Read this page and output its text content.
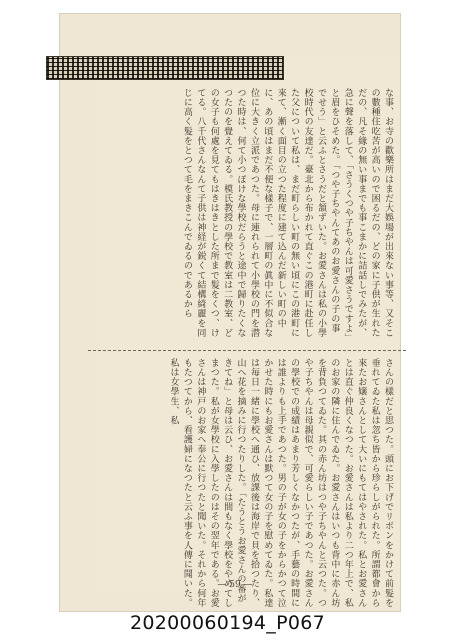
な事、お寺の歡樂所はまだ大娛場が出來ない事等、又そこの數種住吃苦が高いので困るだの、どの家に子供が生れただの、凡そ緣の無い事までも事こまかに詰話しでみたが、急に聲を落して、「さうくつや子ちやんは可愛さうですよ」と眉をひそめた。「つや子ちやんてあのお愛さんの子の事でせう」と云ふとさうだと頷ずいた。お愛さんは私の小學校時代の友達だ。臺北から布かれて直ぐこの港町に赴任した父について私は、まだ町らしい町の無い頃にこの港町に來て、漸く面目の立つた程度に建て込んだ新しい町の中に、あの頃はまだ不便な樣子で、一層町の眞中に不似合な位に大きく立派であつた。母に連れられて小學校の門を潜つた時は、何て小つぽけな學校だらうと途中で歸りたくなつたのを覺えてゐる。模氏教授の學校で教室は二教室、どの女子も何處を見てもはきはきとした所まで髮をくつ、けてる。八千代さんなんて子供は神経が鋭くて結構綺麗を同じに高く髮をとつて毛をまきこんでゐるのであるから
さんの樣だと思つた。頭にお下げでリボンをかけて前髮を垂れてゐた私は忽ち皆から珍らしがられた。所謂都會から來たお嬢さんとして大いにもてはやされた。私とお愛さんとは直ぐ仲良くなつた。お愛さんは私より二つ年上で、私のお家の隣に住んでゐた。お愛さんはいつも背中に赤ん坊を背負つてゐた。其の赤ん坊はつや子ちやんと云つた。つや子ちやんは母親似で、可愛らしい子であつた。お愛さんの學校での成績はあまり芳しくなかつたが、手藝の時間には誰よりも上手であつた。男の子が女の子をからかつて泣かせた時にもお愛さんは默つて女の子を慰めてゐた。私達は毎日一緒に學校へ通ひ、放課後は海岸で貝を拾つたり、山へ花を摘みに行つたりした。「たうとうお愛さんの番がきてね」と母は云ひ、お愛さんは間もなく學校をやめてしまつた。私が女學校に入學したのはその翌年である。お愛さんは神戸のお家へ奉公に行つたと聞いた。それから何年もたつてから、看護婦になつたと云ふ事を人傳に聞いた。私は女學生、私
— 59 —
20200060194_P067
